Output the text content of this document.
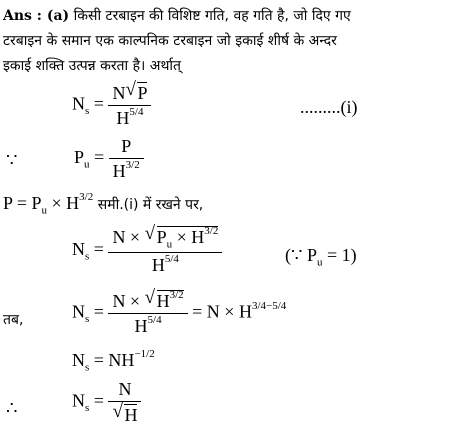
Ans : (a) किसी टरबाइन की विशिष्ट गति, वह गति है, जो दिए गए
टरबाइन के समान एक काल्पनिक टरबाइन जो इकाई शीर्ष के अन्दर
इकाई शक्ति उत्पन्न करता है। अर्थात्
$N_s = \frac{N √ P}{H^{5/4}}$	.........(i)
∵	$P_u = \frac{P}{H^{3/2}}$
$P = P_u \times H^{3/2}$ समी.(i) में रखने पर,
$N_s = \frac{N \times √ P_u \times H^{3/2}}{H^{5/4}}$	(∵ $P_u = 1$)
तब,	$N_s = \frac{N \times √ H^{3/2}}{H^{5/4}} = N \times H^{3/4-5/4}$
$N_s = NH^{-1/2}$
∴	$N_s = \frac{N}{√ H}$
